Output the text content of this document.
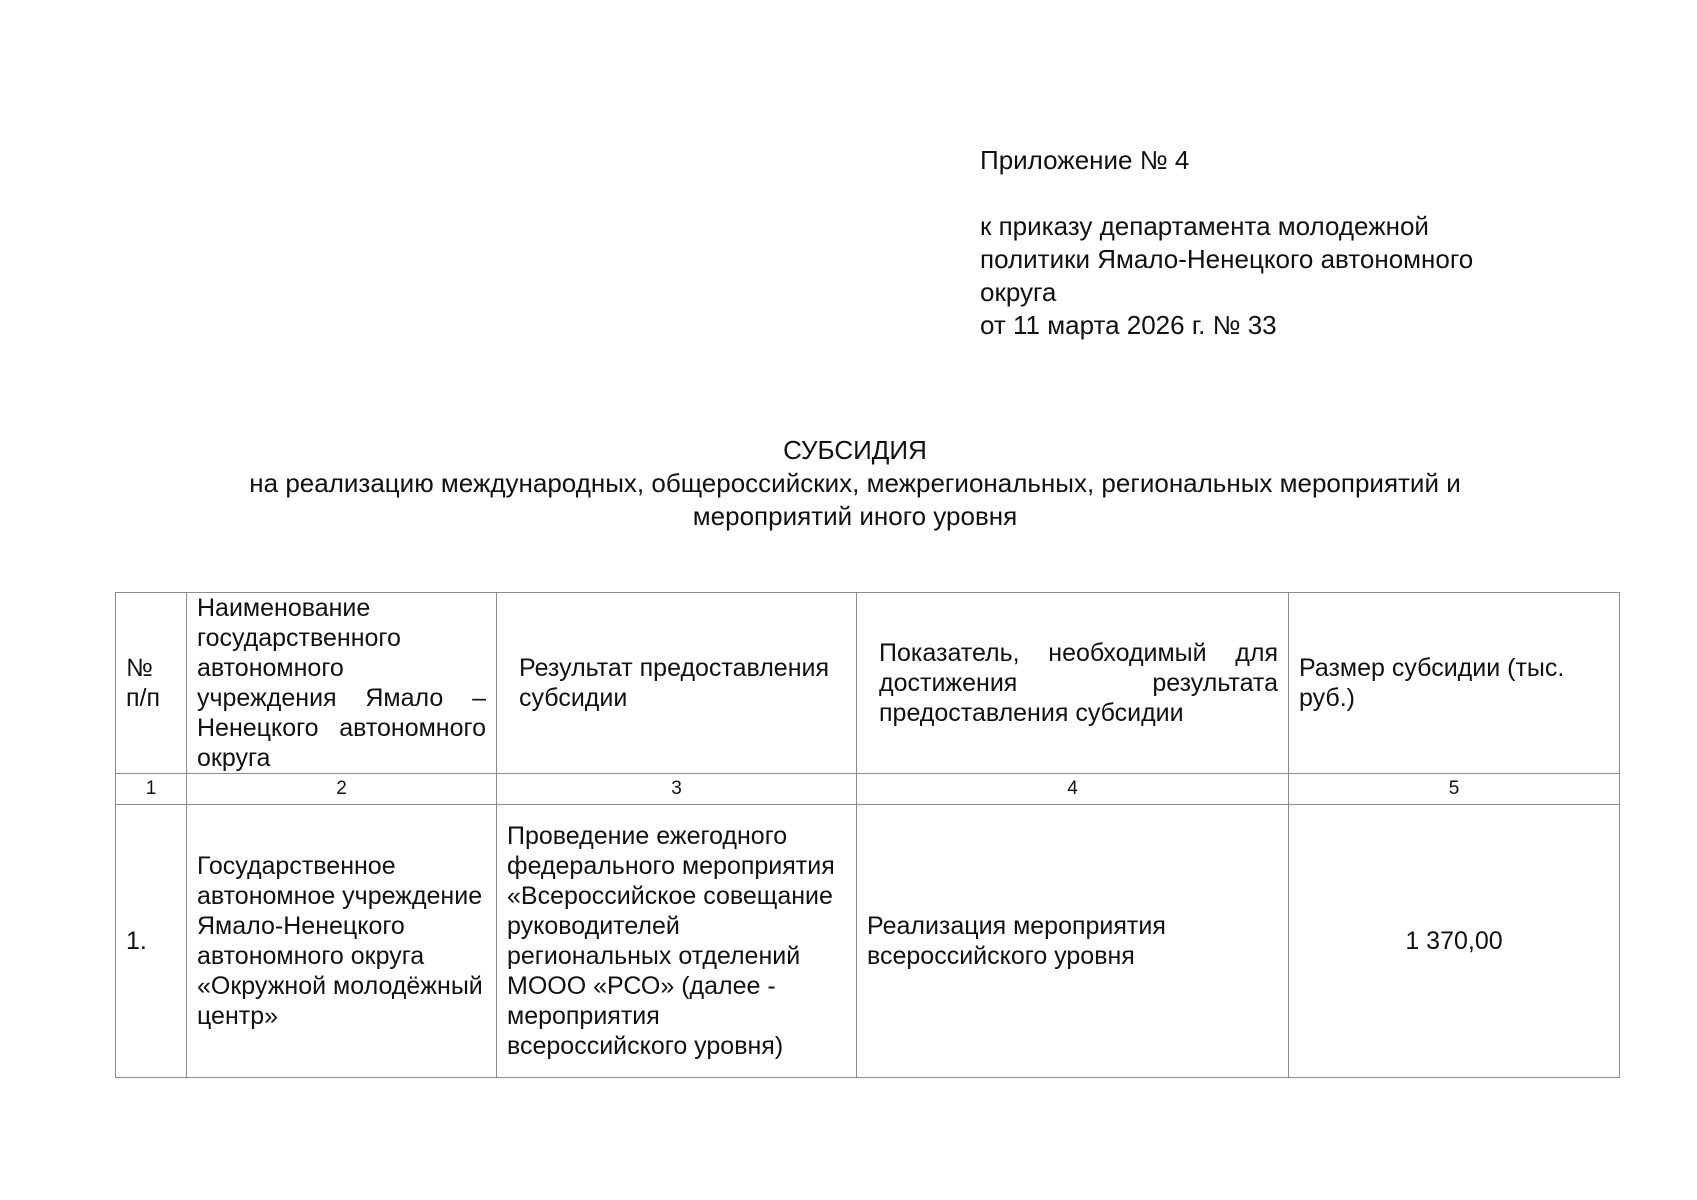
Приложение № 4
к приказу департамента молодежной
политики Ямало-Ненецкого автономного
округа
от 11 марта 2026 г. № 33
СУБСИДИЯ
на реализацию международных, общероссийских, межрегиональных, региональных мероприятий и
мероприятий иного уровня
№ п/п	Наименование государственного автономного учреждения Ямало – Ненецкого автономного округа	Результат предоставления субсидии	Показатель, необходимый для достижения результата предоставления субсидии	Размер субсидии (тыс. руб.)

1	2	3	4	5
1.	Государственное автономное учреждение Ямало-Ненецкого автономного округа «Окружной молодёжный центр»	Проведение ежегодного федерального мероприятия «Всероссийское совещание руководителей региональных отделений МООО «РСО» (далее - мероприятия всероссийского уровня)	Реализация мероприятия всероссийского уровня	1 370,00
